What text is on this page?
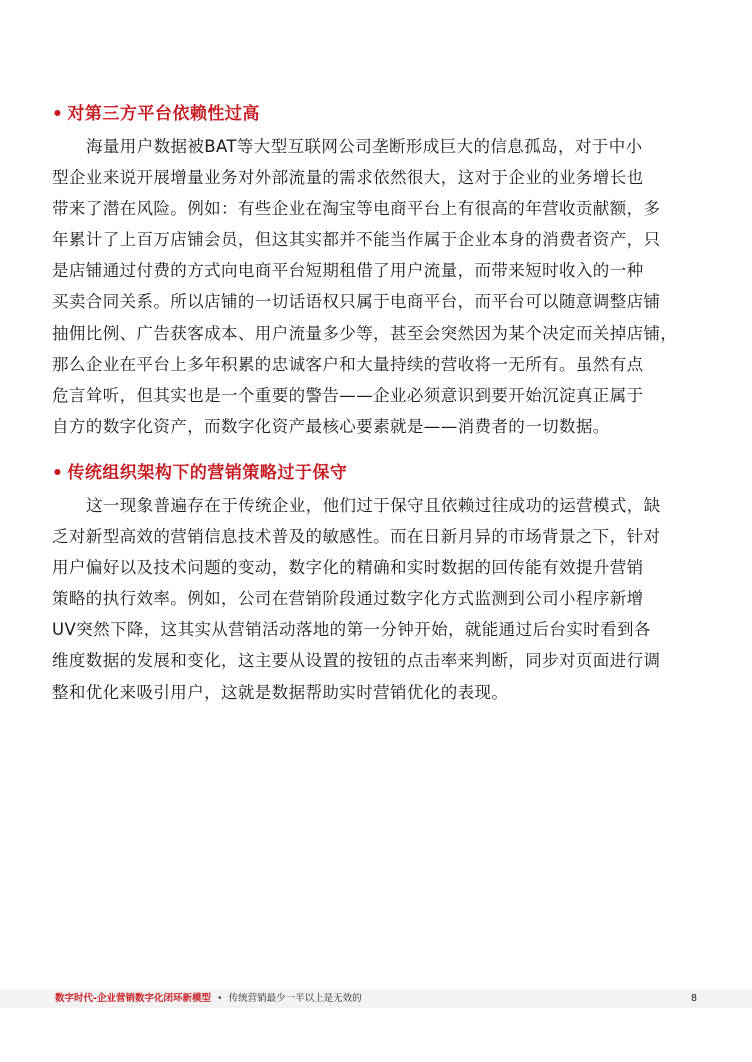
• 对第三方平台依赖性过高
海量用户数据被BAT等大型互联网公司垄断形成巨大的信息孤岛，对于中小
型企业来说开展增量业务对外部流量的需求依然很大，这对于企业的业务增长也
带来了潜在风险。例如：有些企业在淘宝等电商平台上有很高的年营收贡献额，多
年累计了上百万店铺会员，但这其实都并不能当作属于企业本身的消费者资产，只
是店铺通过付费的方式向电商平台短期租借了用户流量，而带来短时收入的一种
买卖合同关系。所以店铺的一切话语权只属于电商平台，而平台可以随意调整店铺
抽佣比例、广告获客成本、用户流量多少等，甚至会突然因为某个决定而关掉店铺，
那么企业在平台上多年积累的忠诚客户和大量持续的营收将一无所有。虽然有点
危言耸听，但其实也是一个重要的警告——企业必须意识到要开始沉淀真正属于
自方的数字化资产，而数字化资产最核心要素就是——消费者的一切数据。
• 传统组织架构下的营销策略过于保守
这一现象普遍存在于传统企业，他们过于保守且依赖过往成功的运营模式，缺
乏对新型高效的营销信息技术普及的敏感性。而在日新月异的市场背景之下，针对
用户偏好以及技术问题的变动，数字化的精确和实时数据的回传能有效提升营销
策略的执行效率。例如，公司在营销阶段通过数字化方式监测到公司小程序新增
UV突然下降，这其实从营销活动落地的第一分钟开始，就能通过后台实时看到各
维度数据的发展和变化，这主要从设置的按钮的点击率来判断，同步对页面进行调
整和优化来吸引用户，这就是数据帮助实时营销优化的表现。
数字时代-企业营销数字化闭环新模型 • 传统营销最少一半以上是无效的	8
